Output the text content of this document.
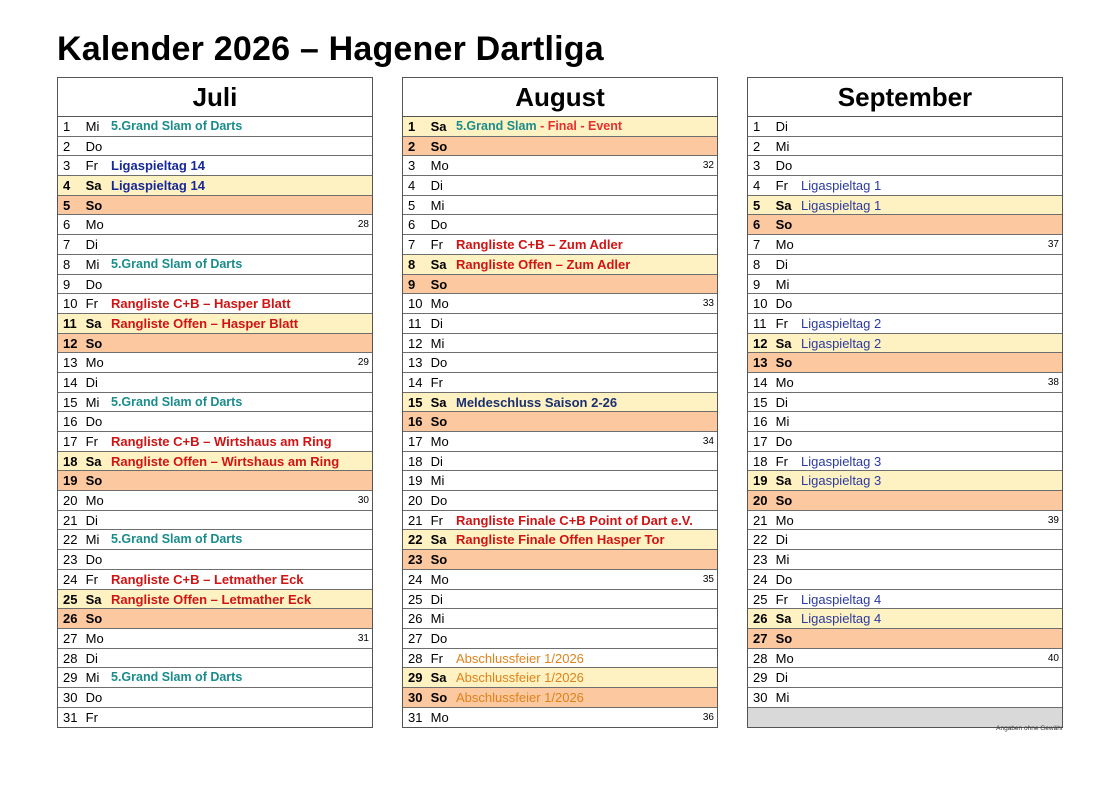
Kalender 2026 – Hagener Dartliga
Juli
1 Mi 5.Grand Slam of Darts
2 Do
3 Fr Ligaspieltag 14
4 Sa Ligaspieltag 14
5 So
6 Mo	28
7 Di
8 Mi 5.Grand Slam of Darts
9 Do
10 Fr Rangliste C+B – Hasper Blatt
11 Sa Rangliste Offen – Hasper Blatt
12 So
13 Mo	29
14 Di
15 Mi 5.Grand Slam of Darts
16 Do
17 Fr Rangliste C+B – Wirtshaus am Ring
18 Sa Rangliste Offen – Wirtshaus am Ring
19 So
20 Mo	30
21 Di
22 Mi 5.Grand Slam of Darts
23 Do
24 Fr Rangliste C+B – Letmather Eck
25 Sa Rangliste Offen – Letmather Eck
26 So
27 Mo	31
28 Di
29 Mi 5.Grand Slam of Darts
30 Do
31 Fr
August
1 Sa 5.Grand Slam - Final - Event
2 So
3 Mo	32
4 Di
5 Mi
6 Do
7 Fr Rangliste C+B – Zum Adler
8 Sa Rangliste Offen – Zum Adler
9 So
10 Mo	33
11 Di
12 Mi
13 Do
14 Fr
15 Sa Meldeschluss Saison 2-26
16 So
17 Mo	34
18 Di
19 Mi
20 Do
21 Fr Rangliste Finale C+B Point of Dart e.V.
22 Sa Rangliste Finale Offen Hasper Tor
23 So
24 Mo	35
25 Di
26 Mi
27 Do
28 Fr Abschlussfeier 1/2026
29 Sa Abschlussfeier 1/2026
30 So Abschlussfeier 1/2026
31 Mo	36
September
1 Di
2 Mi
3 Do
4 Fr Ligaspieltag 1
5 Sa Ligaspieltag 1
6 So
7 Mo	37
8 Di
9 Mi
10 Do
11 Fr Ligaspieltag 2
12 Sa Ligaspieltag 2
13 So
14 Mo	38
15 Di
16 Mi
17 Do
18 Fr Ligaspieltag 3
19 Sa Ligaspieltag 3
20 So
21 Mo	39
22 Di
23 Mi
24 Do
25 Fr Ligaspieltag 4
26 Sa Ligaspieltag 4
27 So
28 Mo	40
29 Di
30 Mi
Angaben ohne Gewähr
